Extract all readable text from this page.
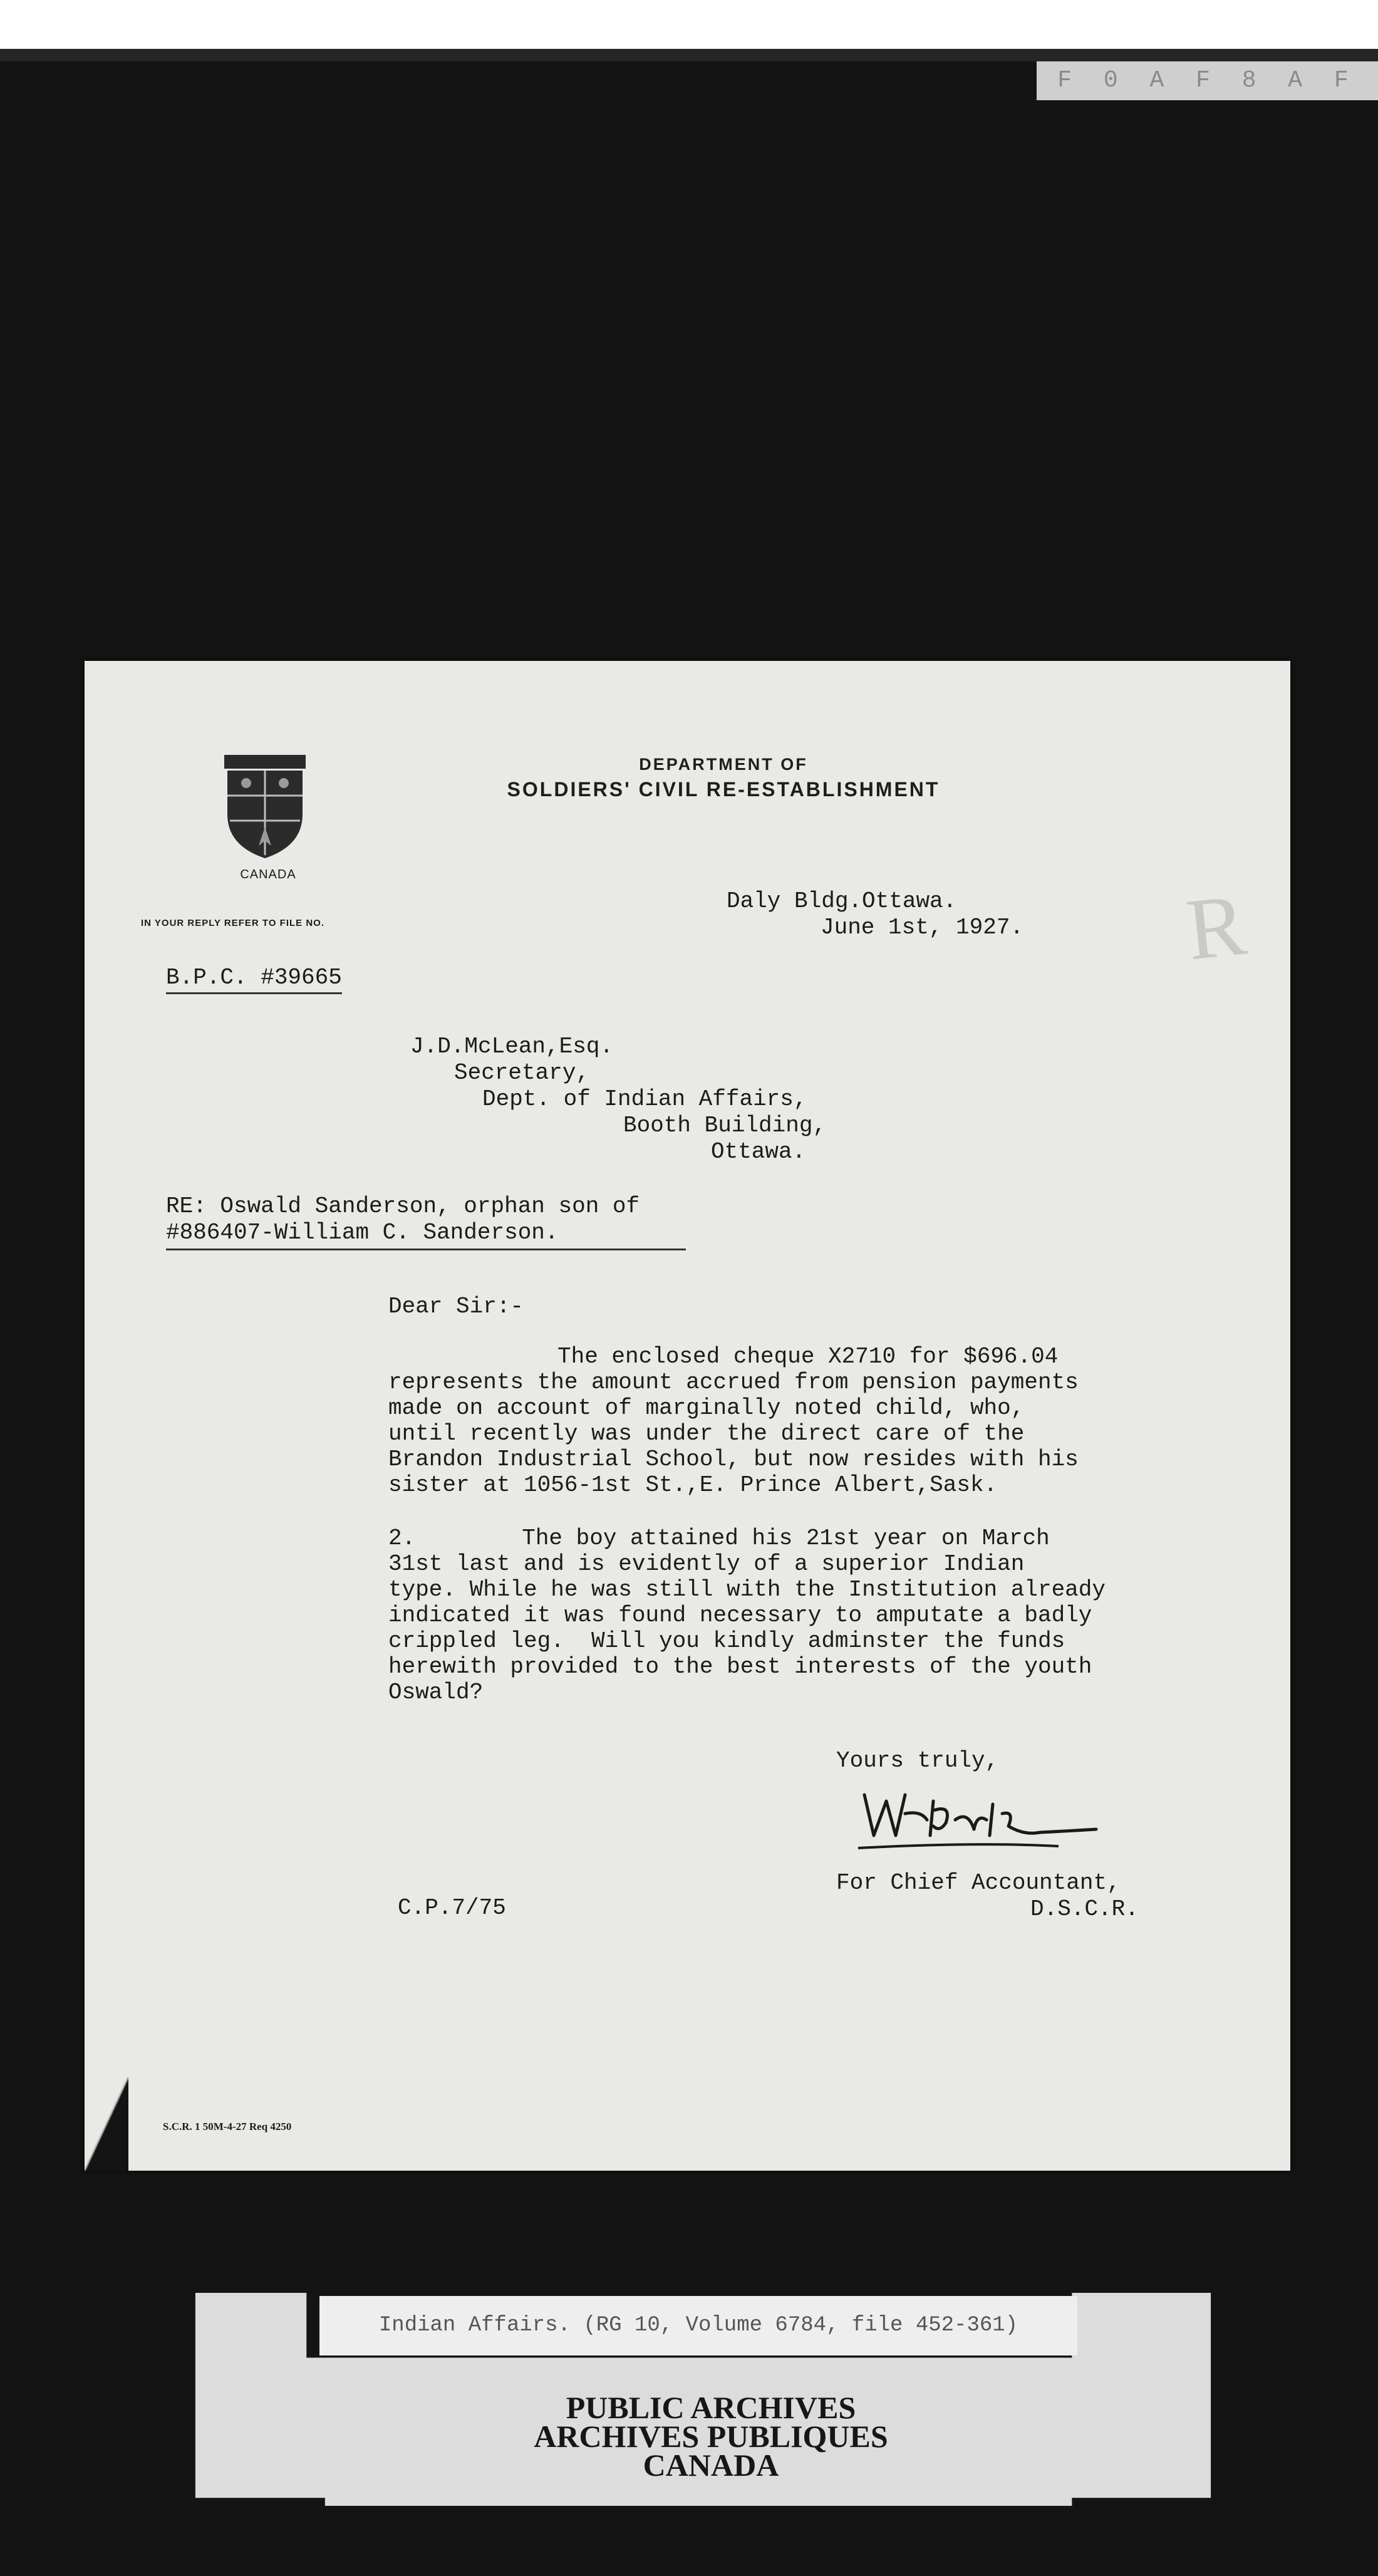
F 0 A F 8 A F
CANADA
DEPARTMENT OF
SOLDIERS' CIVIL RE-ESTABLISHMENT
IN YOUR REPLY REFER TO FILE NO.
B.P.C. #39665
Daly Bldg.Ottawa.
June 1st, 1927.
J.D.McLean,Esq.
Secretary,
Dept. of Indian Affairs,
Booth Building,
Ottawa.
RE: Oswald Sanderson, orphan son of
#886407-William C. Sanderson.
Dear Sir:-
The enclosed cheque X2710 for $696.04
represents the amount accrued from pension payments
made on account of marginally noted child, who,
until recently was under the direct care of the
Brandon Industrial School, but now resides with his
sister at 1056-1st St.,E. Prince Albert,Sask.
2.	The boy attained his 21st year on March
31st last and is evidently of a superior Indian
type. While he was still with the Institution already
indicated it was found necessary to amputate a badly
crippled leg.  Will you kindly adminster the funds
herewith provided to the best interests of the youth
Oswald?
Yours truly,
For Chief Accountant,
D.S.C.R.
C.P.7/75
S.C.R. 1 50M-4-27 Req 4250
R
↙
Indian Affairs. (RG 10, Volume 6784, file 452-361)
PUBLIC ARCHIVES
ARCHIVES PUBLIQUES
CANADA
